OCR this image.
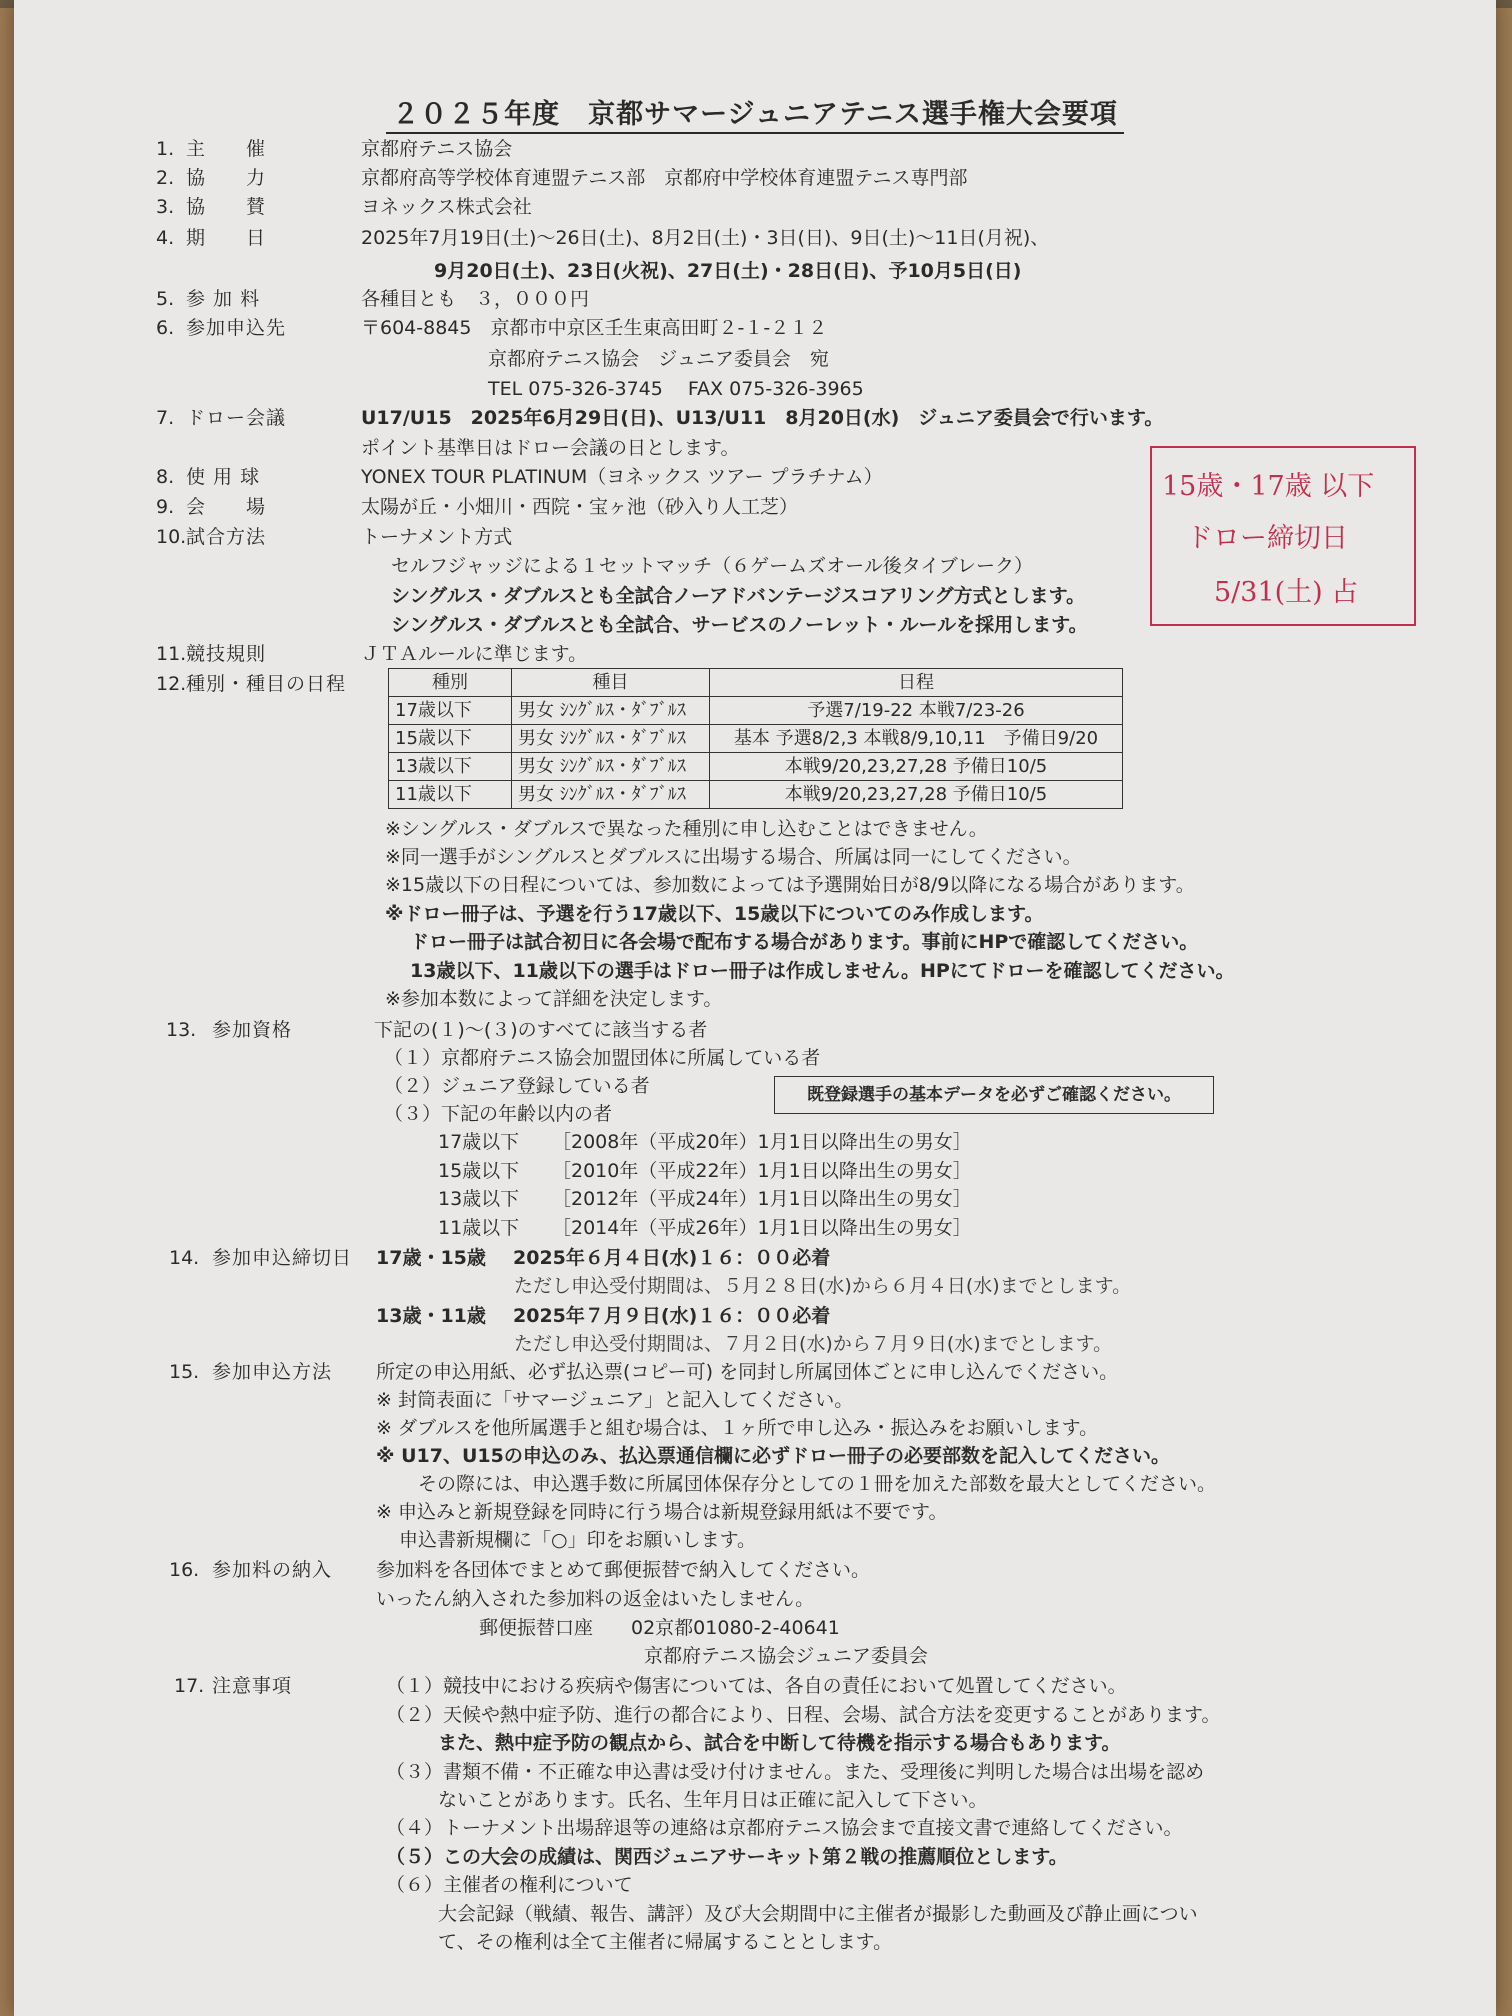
２０２５年度　京都サマージュニアテニス選手権大会要項
1. 主　　催	京都府テニス協会
2. 協　　力	京都府高等学校体育連盟テニス部　京都府中学校体育連盟テニス専門部
3. 協　　賛	ヨネックス株式会社
4. 期　　日	2025年7月19日(土)～26日(土)、8月2日(土)・3日(日)、9日(土)～11日(月祝)、
9月20日(土)、23日(火祝)、27日(土)・28日(日)、予10月5日(日)
5. 参 加 料	各種目とも　３，０００円
6. 参加申込先	〒604-8845　京都市中京区壬生東高田町２-１-２１２
京都府テニス協会　ジュニア委員会　宛
TEL 075-326-3745　 FAX 075-326-3965
7. ドロー会議	U17/U15　2025年6月29日(日)、U13/U11　8月20日(水)　ジュニア委員会で行います。
ポイント基準日はドロー会議の日とします。
8. 使 用 球	YONEX TOUR PLATINUM（ヨネックス ツアー プラチナム）
9. 会　　場	太陽が丘・小畑川・西院・宝ヶ池（砂入り人工芝）
10. 試合方法	トーナメント方式
セルフジャッジによる１セットマッチ（６ゲームズオール後タイブレーク）
シングルス・ダブルスとも全試合ノーアドバンテージスコアリング方式とします。
シングルス・ダブルスとも全試合、サービスのノーレット・ルールを採用します。
11. 競技規則	ＪＴＡルールに準じます。
12. 種別・種目の日程	種別	種目	日程
17歳以下	男女 ｼﾝｸﾞﾙｽ・ﾀﾞﾌﾞﾙｽ	予選7/19-22 本戦7/23-26
15歳以下	男女 ｼﾝｸﾞﾙｽ・ﾀﾞﾌﾞﾙｽ	基本 予選8/2,3 本戦8/9,10,11　予備日9/20
13歳以下	男女 ｼﾝｸﾞﾙｽ・ﾀﾞﾌﾞﾙｽ	本戦9/20,23,27,28 予備日10/5
11歳以下	男女 ｼﾝｸﾞﾙｽ・ﾀﾞﾌﾞﾙｽ	本戦9/20,23,27,28 予備日10/5
※シングルス・ダブルスで異なった種別に申し込むことはできません。
※同一選手がシングルスとダブルスに出場する場合、所属は同一にしてください。
※15歳以下の日程については、参加数によっては予選開始日が8/9以降になる場合があります。
※ドロー冊子は、予選を行う17歳以下、15歳以下についてのみ作成します。
ドロー冊子は試合初日に各会場で配布する場合があります。事前にHPで確認してください。
13歳以下、11歳以下の選手はドロー冊子は作成しません。HPにてドローを確認してください。
※参加本数によって詳細を決定します。
13. 参加資格	下記の(１)～(３)のすべてに該当する者
（１）京都府テニス協会加盟団体に所属している者
（２）ジュニア登録している者
（３）下記の年齢以内の者
既登録選手の基本データを必ずご確認ください。
17歳以下 ［2008年（平成20年）1月1日以降出生の男女］
15歳以下 ［2010年（平成22年）1月1日以降出生の男女］
13歳以下 ［2012年（平成24年）1月1日以降出生の男女］
11歳以下 ［2014年（平成26年）1月1日以降出生の男女］
14. 参加申込締切日 17歳・15歳 2025年６月４日(水)１６：００必着
ただし申込受付期間は、５月２８日(水)から６月４日(水)までとします。
13歳・11歳 2025年７月９日(水)１６：００必着
ただし申込受付期間は、７月２日(水)から７月９日(水)までとします。
15. 参加申込方法 所定の申込用紙、必ず払込票(コピー可) を同封し所属団体ごとに申し込んでください。
※ 封筒表面に「サマージュニア」と記入してください。
※ ダブルスを他所属選手と組む場合は、１ヶ所で申し込み・振込みをお願いします。
※ U17、U15の申込のみ、払込票通信欄に必ずドロー冊子の必要部数を記入してください。
その際には、申込選手数に所属団体保存分としての１冊を加えた部数を最大としてください。
※ 申込みと新規登録を同時に行う場合は新規登録用紙は不要です。
申込書新規欄に「○」印をお願いします。
16. 参加料の納入 参加料を各団体でまとめて郵便振替で納入してください。
いったん納入された参加料の返金はいたしません。
郵便振替口座　　02京都01080-2-40641
京都府テニス協会ジュニア委員会
17. 注意事項	（１）競技中における疾病や傷害については、各自の責任において処置してください。
（２）天候や熱中症予防、進行の都合により、日程、会場、試合方法を変更することがあります。
また、熱中症予防の観点から、試合を中断して待機を指示する場合もあります。
（３）書類不備・不正確な申込書は受け付けません。また、受理後に判明した場合は出場を認め
ないことがあります。氏名、生年月日は正確に記入して下さい。
（４）トーナメント出場辞退等の連絡は京都府テニス協会まで直接文書で連絡してください。
（５）この大会の成績は、関西ジュニアサーキット第２戦の推薦順位とします。
（６）主催者の権利について
大会記録（戦績、報告、講評）及び大会期間中に主催者が撮影した動画及び静止画につい
て、その権利は全て主催者に帰属することとします。
15歳・17歳 以下
ドロー締切日
5/31(土) 占
